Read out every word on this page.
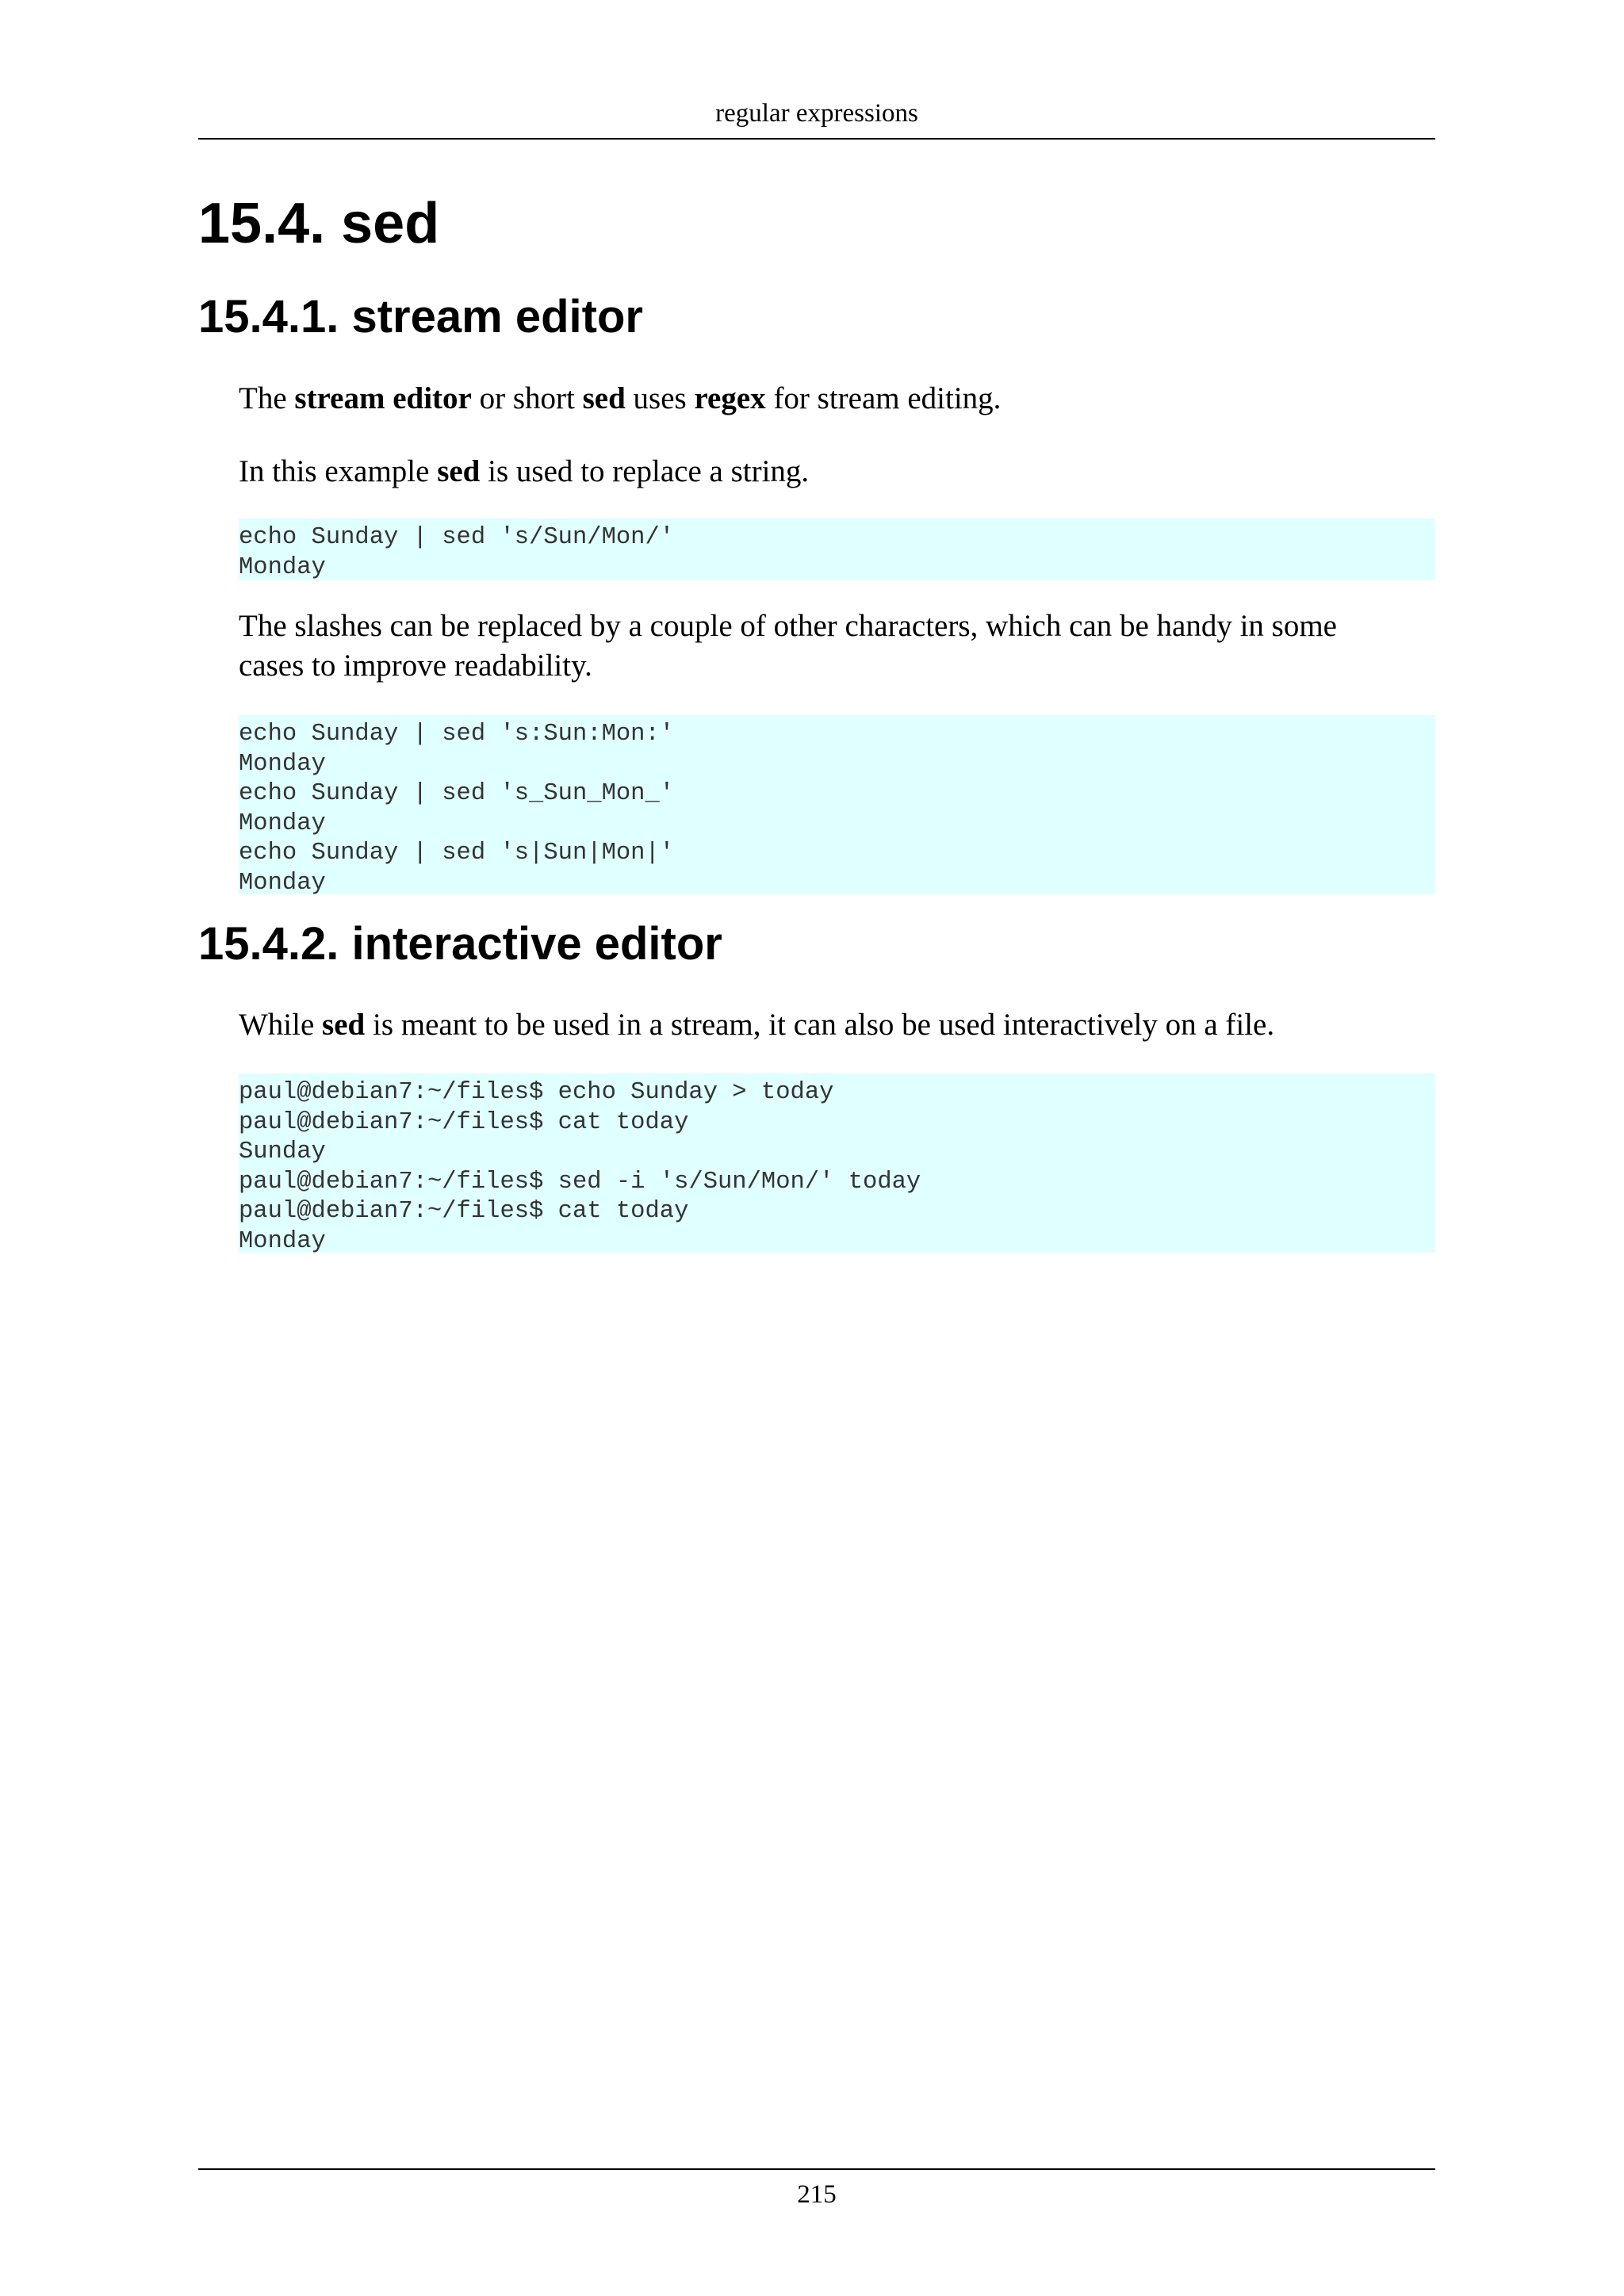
regular expressions
15.4. sed
15.4.1. stream editor

The stream editor or short sed uses regex for stream editing.

In this example sed is used to replace a string.

echo Sunday | sed 's/Sun/Mon/'
Monday

The slashes can be replaced by a couple of other characters, which can be handy in some
cases to improve readability.

echo Sunday | sed 's:Sun:Mon:'
Monday
echo Sunday | sed 's_Sun_Mon_'
Monday
echo Sunday | sed 's|Sun|Mon|'
Monday
15.4.2. interactive editor

While sed is meant to be used in a stream, it can also be used interactively on a file.

paul@debian7:~/files$ echo Sunday > today
paul@debian7:~/files$ cat today
Sunday
paul@debian7:~/files$ sed -i 's/Sun/Mon/' today
paul@debian7:~/files$ cat today
Monday
215
